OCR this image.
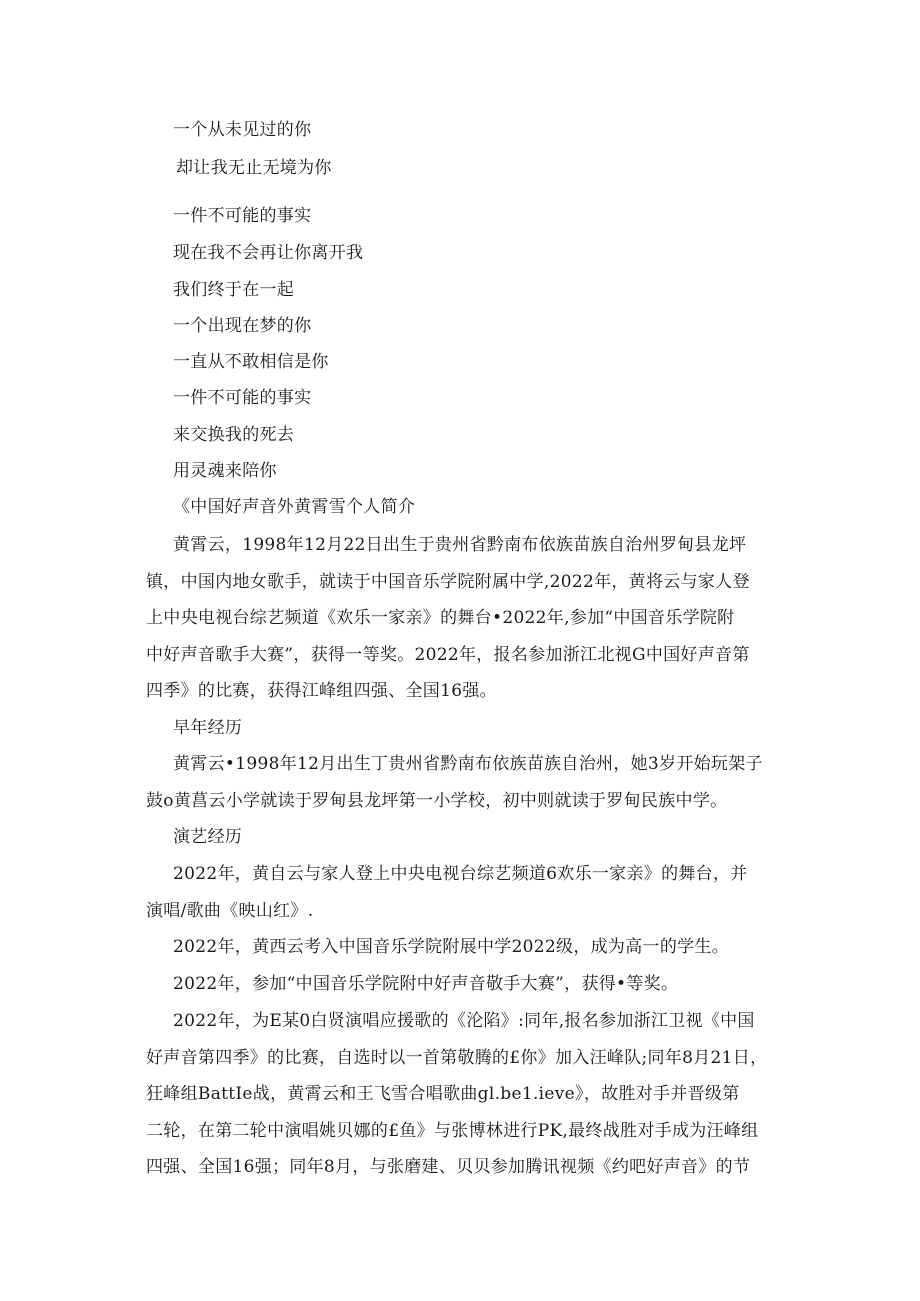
一个从未见过的你
却让我无止无境为你
一件不可能的事实
现在我不会再让你离开我
我们终于在一起
一个出现在梦的你
一直从不敢相信是你
一件不可能的事实
来交换我的死去
用灵魂来陪你
《中国好声音外黄霄雪个人简介
黄霄云，1998年12月22日出生于贵州省黔南布依族苗族自治州罗甸县龙坪
镇，中国内地女歌手，就读于中国音乐学院附属中学,2022年，黄将云与家人登
上中央电视台综艺频道《欢乐一家亲》的舞台•2022年,参加“中国音乐学院附
中好声音歌手大赛”，获得一等奖。2022年，报名参加浙江北视G中国好声音第
四季》的比赛，获得江峰组四强、全国16强。
早年经历
黄霄云•1998年12月出生丁贵州省黔南布依族苗族自治州，她3岁开始玩架子
鼓o黄菖云小学就读于罗甸县龙坪第一小学校，初中则就读于罗甸民族中学。
演艺经历
2022年，黄自云与家人登上中央电视台综艺频道6欢乐一家亲》的舞台，并
演唱/歌曲《映山红》.
2022年，黄西云考入中国音乐学院附展中学2022级，成为高一的学生。
2022年，参加“中国音乐学院附中好声音敬手大赛”，获得•等奖。
2022年，为E某0白贤演唱应援歌的《沦陷》:同年,报名参加浙江卫视《中国
好声音第四季》的比赛，自选时以一首第敬腾的£你》加入汪峰队;同年8月21日，
狂峰组BattIe战，黄霄云和王飞雪合唱歌曲gl.be1.ieve》，故胜对手并晋级第
二轮，在第二轮中演唱姚贝娜的£鱼》与张博林进行PK,最终战胜对手成为汪峰组
四强、全国16强；同年8月，与张磨建、贝贝参加腾讯视频《约吧好声音》的节
